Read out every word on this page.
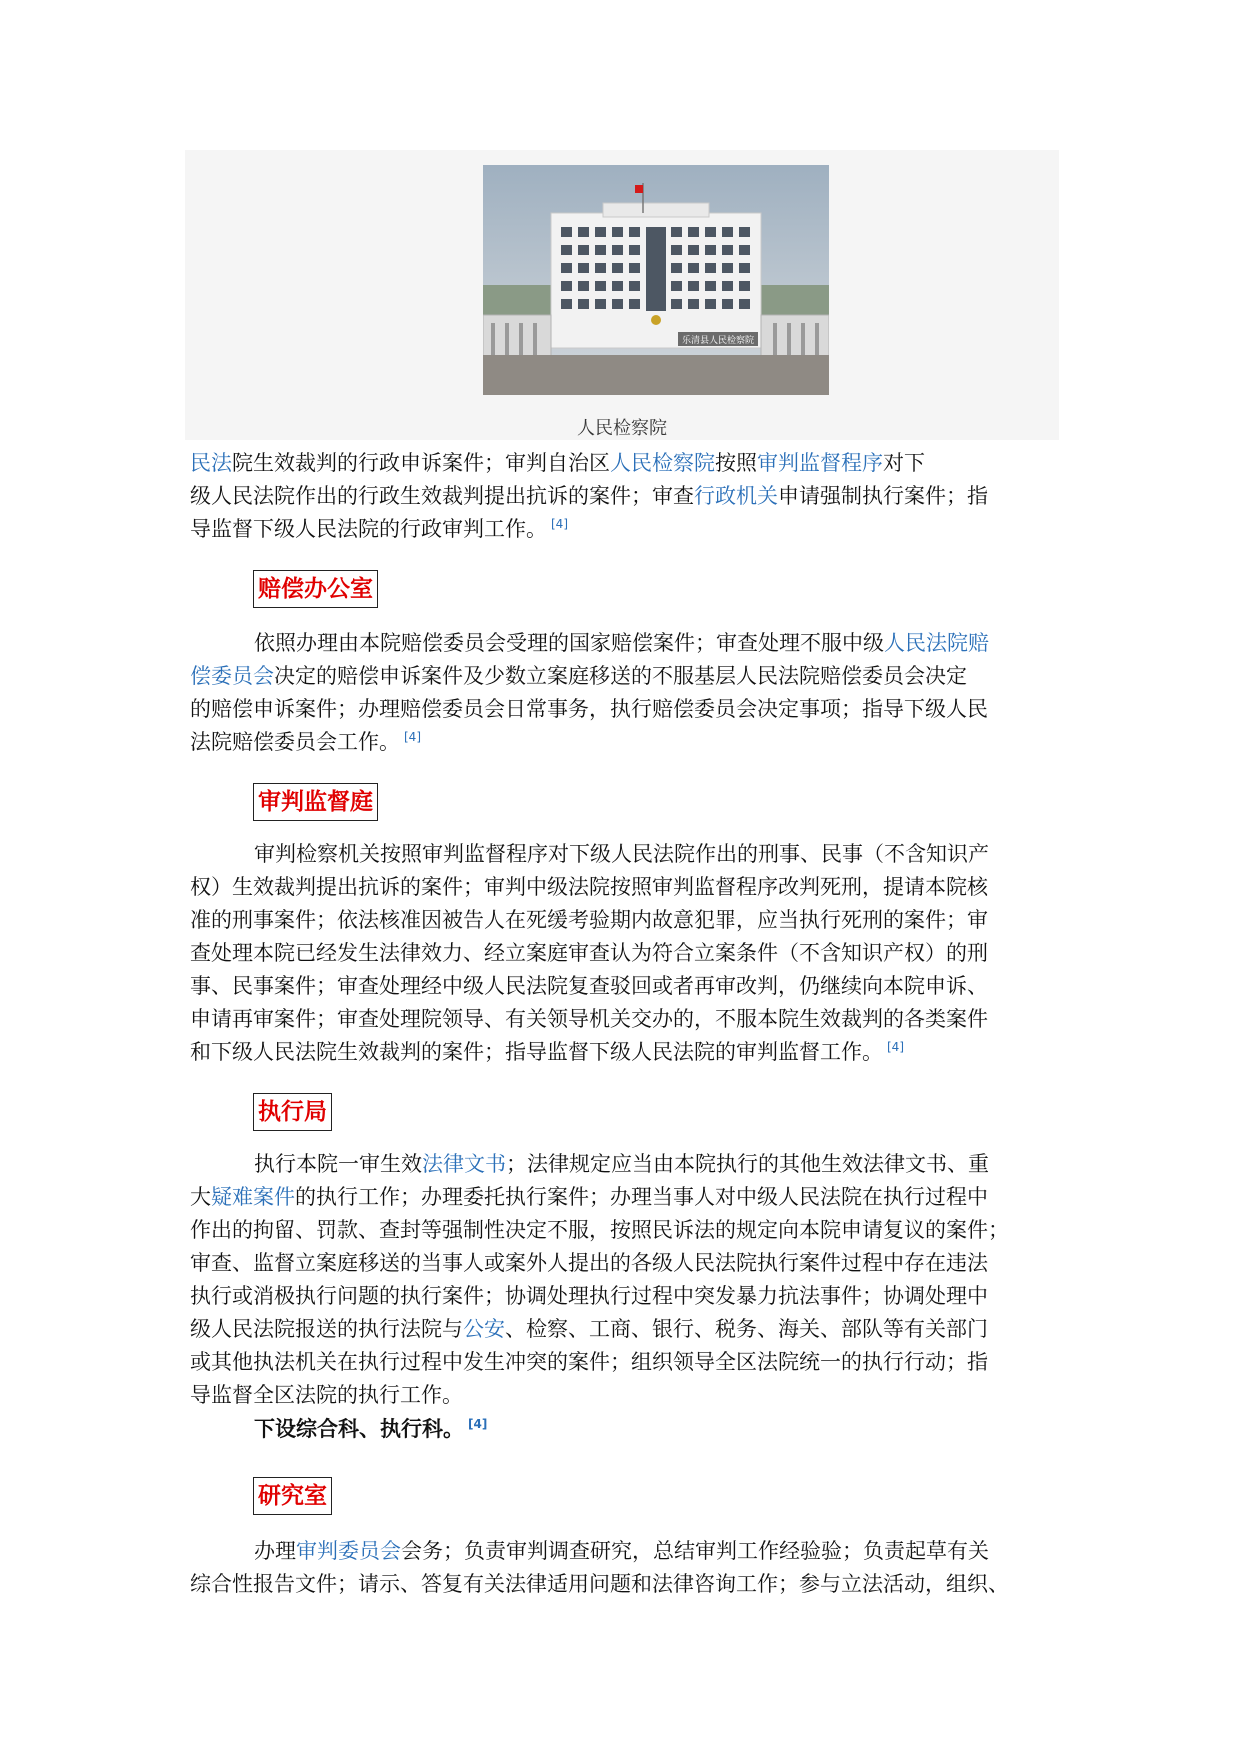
乐清县人民检察院
人民检察院
民法院生效裁判的行政申诉案件；审判自治区人民检察院按照审判监督程序对下
级人民法院作出的行政生效裁判提出抗诉的案件；审查行政机关申请强制执行案件；指
导监督下级人民法院的行政审判工作。 [4]
赔偿办公室
依照办理由本院赔偿委员会受理的国家赔偿案件；审查处理不服中级人民法院赔
偿委员会决定的赔偿申诉案件及少数立案庭移送的不服基层人民法院赔偿委员会决定
的赔偿申诉案件；办理赔偿委员会日常事务，执行赔偿委员会决定事项；指导下级人民
法院赔偿委员会工作。 [4]
审判监督庭
审判检察机关按照审判监督程序对下级人民法院作出的刑事、民事（不含知识产
权）生效裁判提出抗诉的案件；审判中级法院按照审判监督程序改判死刑，提请本院核
准的刑事案件；依法核准因被告人在死缓考验期内故意犯罪，应当执行死刑的案件；审
查处理本院已经发生法律效力、经立案庭审查认为符合立案条件（不含知识产权）的刑
事、民事案件；审查处理经中级人民法院复查驳回或者再审改判，仍继续向本院申诉、
申请再审案件；审查处理院领导、有关领导机关交办的，不服本院生效裁判的各类案件
和下级人民法院生效裁判的案件；指导监督下级人民法院的审判监督工作。 [4]
执行局
执行本院一审生效法律文书；法律规定应当由本院执行的其他生效法律文书、重
大疑难案件的执行工作；办理委托执行案件；办理当事人对中级人民法院在执行过程中
作出的拘留、罚款、查封等强制性决定不服，按照民诉法的规定向本院申请复议的案件；
审查、监督立案庭移送的当事人或案外人提出的各级人民法院执行案件过程中存在违法
执行或消极执行问题的执行案件；协调处理执行过程中突发暴力抗法事件；协调处理中
级人民法院报送的执行法院与公安、检察、工商、银行、税务、海关、部队等有关部门
或其他执法机关在执行过程中发生冲突的案件；组织领导全区法院统一的执行行动；指
导监督全区法院的执行工作。
下设综合科、执行科。 [4]
研究室
办理审判委员会会务；负责审判调查研究，总结审判工作经验验；负责起草有关
综合性报告文件；请示、答复有关法律适用问题和法律咨询工作；参与立法活动，组织、
